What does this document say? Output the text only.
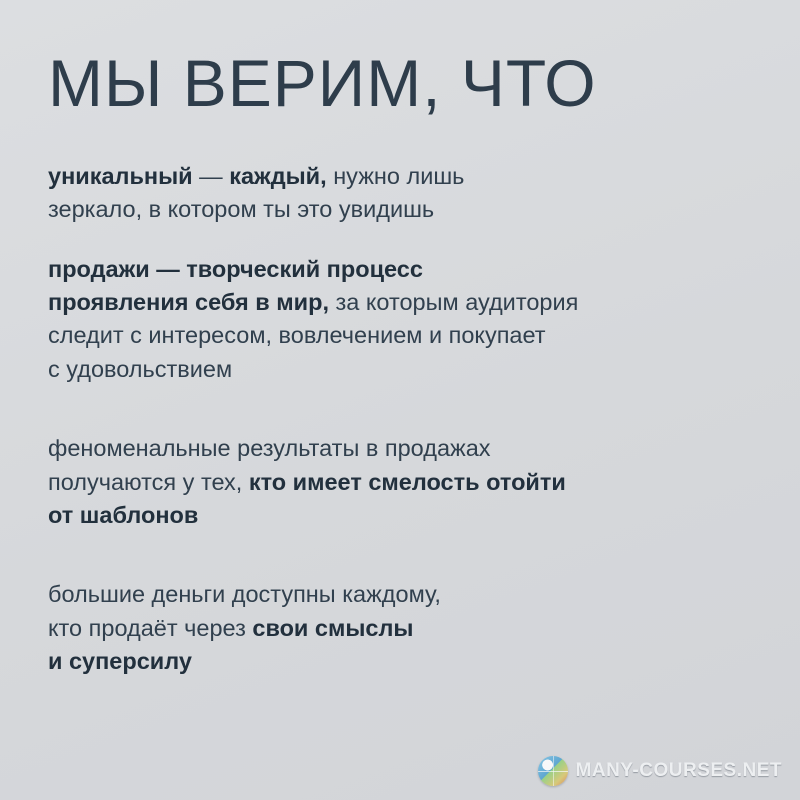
МЫ ВЕРИМ, ЧТО
уникальный — каждый, нужно лишь
зеркало, в котором ты это увидишь
продажи — творческий процесс
проявления себя в мир, за которым аудитория
следит с интересом, вовлечением и покупает
с удовольствием
феноменальные результаты в продажах
получаются у тех, кто имеет смелость отойти
от шаблонов
большие деньги доступны каждому,
кто продаёт через свои смыслы
и суперсилу
MANY-COURSES.NET
